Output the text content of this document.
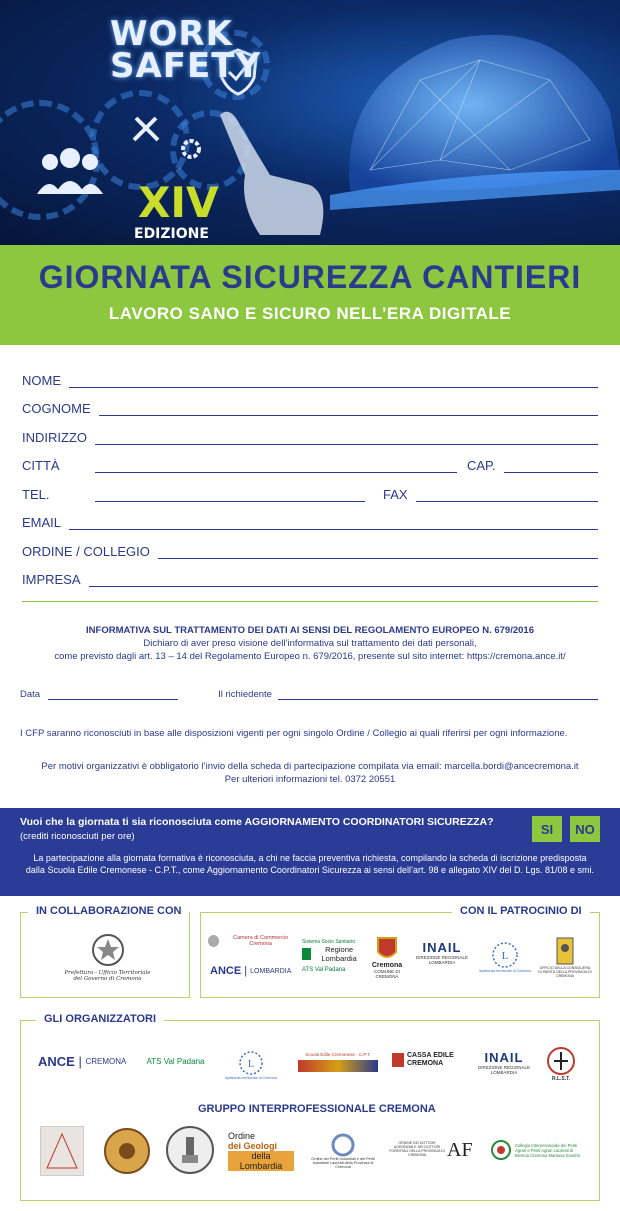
WORK
SAFETY
XIV
EDIZIONE
GIORNATA SICUREZZA CANTIERI
LAVORO SANO E SICURO NELL’ERA DIGITALE
NOME
COGNOME
INDIRIZZO
CITTÀ	CAP.
TEL.	FAX
EMAIL
ORDINE / COLLEGIO
IMPRESA
INFORMATIVA SUL TRATTAMENTO DEI DATI AI SENSI DEL REGOLAMENTO EUROPEO N. 679/2016
Dichiaro di aver preso visione dell’informativa sul trattamento dei dati personali,
come previsto dagli art. 13 – 14 del Regolamento Europeo n. 679/2016, presente sul sito internet: https://cremona.ance.it/
Data	Il richiedente
I CFP saranno riconosciuti in base alle disposizioni vigenti per ogni singolo Ordine / Collegio ai quali riferirsi per ogni informazione.
Per motivi organizzativi è obbligatorio l’invio della scheda di partecipazione compilata via email: marcella.bordi@ancecremona.it
Per ulteriori informazioni tel. 0372 20551
Vuoi che la giornata ti sia riconosciuta come AGGIORNAMENTO COORDINATORI SICUREZZA?
(crediti riconosciuti per ore)	SI	NO
La partecipazione alla giornata formativa è riconosciuta, a chi ne faccia preventiva richiesta, compilando la scheda di iscrizione predisposta
dalla Scuola Edile Cremonese - C.P.T., come Aggiornamento Coordinatori Sicurezza ai sensi dell’art. 98 e allegato XIV del D. Lgs. 81/08 e smi.
IN COLLABORAZIONE CON
Prefettura - Ufficio Territoriale del Governo di Cremona
CON IL PATROCINIO DI
Camera di Commercio Cremona
ANCE | LOMBARDIA
Sistema Socio Sanitario
Regione Lombardia
ATS Val Padana
Cremona
COMUNE DI CREMONA
INAIL
DIREZIONE REGIONALE LOMBARDIA	L
Ispettorato territoriale di Cremona
UFFICIO DELLA CONSIGLIERA DI PARITÀ DELLA PROVINCIA DI CREMONA
GLI ORGANIZZATORI
ANCE | CREMONA	ATS Val Padana	L
Ispettorato territoriale di Cremona
Scuola Edile Cremonese - C.P.T.	CASSA EDILE
CREMONA	INAIL
DIREZIONE REGIONALE LOMBARDIA
R.L.S.T.
GRUPPO INTERPROFESSIONALE CREMONA
Ordine
dei Geologi
della Lombardia
Ordine dei Periti Industriali e dei Periti Industriali Laureati della Provincia di Cremona
ORDINE DEI DOTTORI AGRONOMI E DEI DOTTORI FORESTALI DELLA PROVINCIA DI CREMONA	AF	Collegio Interprovinciale dei Periti Agrari e Periti Agrari Laureati di Brescia Cremona Mantova Sondrio
